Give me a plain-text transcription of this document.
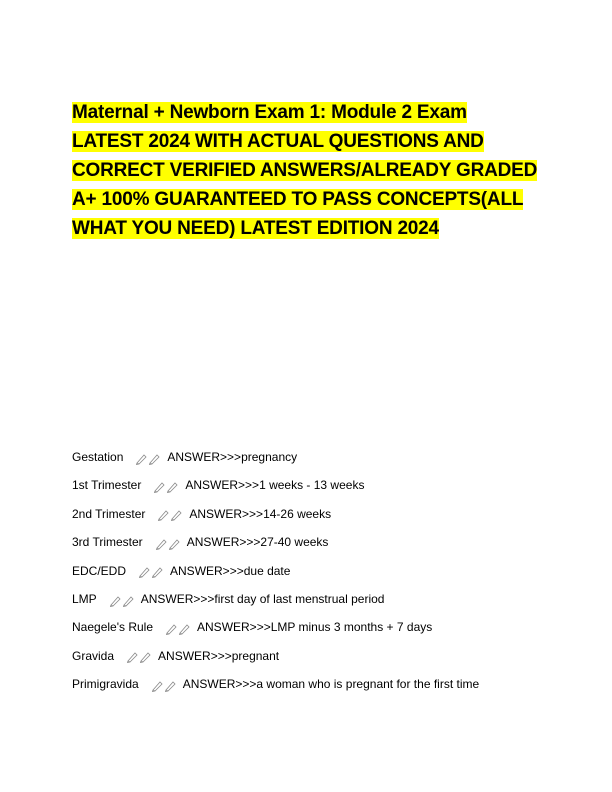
Maternal + Newborn Exam 1: Module 2 Exam
LATEST 2024 WITH ACTUAL QUESTIONS AND
CORRECT VERIFIED ANSWERS/ALREADY GRADED
A+ 100% GUARANTEED TO PASS CONCEPTS(ALL
WHAT YOU NEED) LATEST EDITION 2024
Gestation	ANSWER>>>pregnancy
1st Trimester	ANSWER>>>1 weeks - 13 weeks
2nd Trimester	ANSWER>>>14-26 weeks
3rd Trimester	ANSWER>>>27-40 weeks
EDC/EDD	ANSWER>>>due date
LMP	ANSWER>>>first day of last menstrual period
Naegele's Rule	ANSWER>>>LMP minus 3 months + 7 days
Gravida	ANSWER>>>pregnant
Primigravida	ANSWER>>>a woman who is pregnant for the first time
